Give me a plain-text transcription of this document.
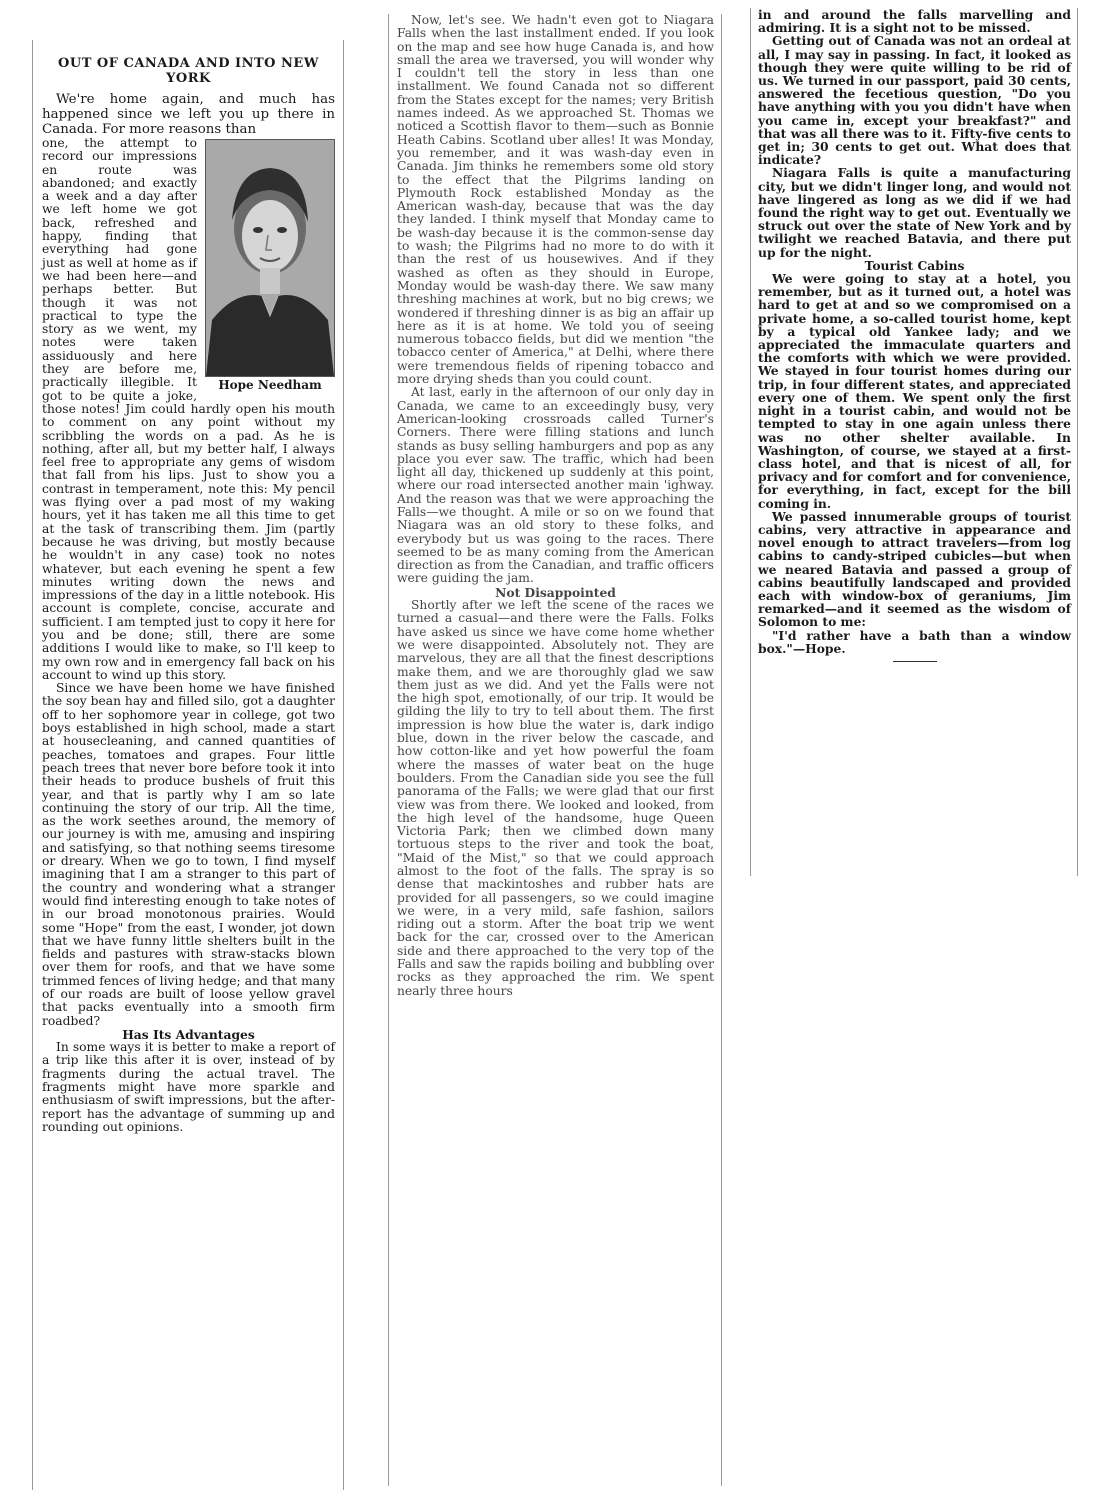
OUT OF CANADA AND INTO NEW YORK

We're home again, and much has happened since we left you up there in Canada. For more reasons than

Hope Needham

one, the attempt to record our impressions en route was abandoned; and exactly a week and a day after we left home we got back, refreshed and happy, finding that everything had gone just as well at home as if we had been here—and perhaps better. But though it was not practical to type the story as we went, my notes were taken assiduously and here they are before me, practically illegible. It got to be quite a joke, those notes! Jim could hardly open his mouth to comment on any point without my scribbling the words on a pad. As he is nothing, after all, but my better half, I always feel free to appropriate any gems of wisdom that fall from his lips. Just to show you a contrast in temperament, note this: My pencil was flying over a pad most of my waking hours, yet it has taken me all this time to get at the task of transcribing them. Jim (partly because he was driving, but mostly because he wouldn't in any case) took no notes whatever, but each evening he spent a few minutes writing down the news and impressions of the day in a little notebook. His account is complete, concise, accurate and sufficient. I am tempted just to copy it here for you and be done; still, there are some additions I would like to make, so I'll keep to my own row and in emergency fall back on his account to wind up this story.

Since we have been home we have finished the soy bean hay and filled silo, got a daughter off to her sophomore year in college, got two boys established in high school, made a start at housecleaning, and canned quantities of peaches, tomatoes and grapes. Four little peach trees that never bore before took it into their heads to produce bushels of fruit this year, and that is partly why I am so late continuing the story of our trip. All the time, as the work seethes around, the memory of our journey is with me, amusing and inspiring and satisfying, so that nothing seems tiresome or dreary. When we go to town, I find myself imagining that I am a stranger to this part of the country and wondering what a stranger would find interesting enough to take notes of in our broad monotonous prairies. Would some "Hope" from the east, I wonder, jot down that we have funny little shelters built in the fields and pastures with straw-stacks blown over them for roofs, and that we have some trimmed fences of living hedge; and that many of our roads are built of loose yellow gravel that packs eventually into a smooth firm roadbed?

Has Its Advantages

In some ways it is better to make a report of a trip like this after it is over, instead of by fragments during the actual travel. The fragments might have more sparkle and enthusiasm of swift impressions, but the after-report has the advantage of summing up and rounding out opinions.

Now, let's see. We hadn't even got to Niagara Falls when the last installment ended. If you look on the map and see how huge Canada is, and how small the area we traversed, you will wonder why I couldn't tell the story in less than one installment. We found Canada not so different from the States except for the names; very British names indeed. As we approached St. Thomas we noticed a Scottish flavor to them—such as Bonnie Heath Cabins. Scotland uber alles! It was Monday, you remember, and it was wash-day even in Canada. Jim thinks he remembers some old story to the effect that the Pilgrims landing on Plymouth Rock established Monday as the American wash-day, because that was the day they landed. I think myself that Monday came to be wash-day because it is the common-sense day to wash; the Pilgrims had no more to do with it than the rest of us housewives. And if they washed as often as they should in Europe, Monday would be wash-day there. We saw many threshing machines at work, but no big crews; we wondered if threshing dinner is as big an affair up here as it is at home. We told you of seeing numerous tobacco fields, but did we mention "the tobacco center of America," at Delhi, where there were tremendous fields of ripening tobacco and more drying sheds than you could count.

At last, early in the afternoon of our only day in Canada, we came to an exceedingly busy, very American-looking crossroads called Turner's Corners. There were filling stations and lunch stands as busy selling hamburgers and pop as any place you ever saw. The traffic, which had been light all day, thickened up suddenly at this point, where our road intersected another main 'ighway. And the reason was that we were approaching the Falls—we thought. A mile or so on we found that Niagara was an old story to these folks, and everybody but us was going to the races. There seemed to be as many coming from the American direction as from the Canadian, and traffic officers were guiding the jam.

Not Disappointed

Shortly after we left the scene of the races we turned a casual—and there were the Falls. Folks have asked us since we have come home whether we were disappointed. Absolutely not. They are marvelous, they are all that the finest descriptions make them, and we are thoroughly glad we saw them just as we did. And yet the Falls were not the high spot, emotionally, of our trip. It would be gilding the lily to try to tell about them. The first impression is how blue the water is, dark indigo blue, down in the river below the cascade, and how cotton-like and yet how powerful the foam where the masses of water beat on the huge boulders. From the Canadian side you see the full panorama of the Falls; we were glad that our first view was from there. We looked and looked, from the high level of the handsome, huge Queen Victoria Park; then we climbed down many tortuous steps to the river and took the boat, "Maid of the Mist," so that we could approach almost to the foot of the falls. The spray is so dense that mackintoshes and rubber hats are provided for all passengers, so we could imagine we were, in a very mild, safe fashion, sailors riding out a storm. After the boat trip we went back for the car, crossed over to the American side and there approached to the very top of the Falls and saw the rapids boiling and bubbling over rocks as they approached the rim. We spent nearly three hours

in and around the falls marvelling and admiring. It is a sight not to be missed.

Getting out of Canada was not an ordeal at all, I may say in passing. In fact, it looked as though they were quite willing to be rid of us. We turned in our passport, paid 30 cents, answered the fecetious question, "Do you have anything with you you didn't have when you came in, except your breakfast?" and that was all there was to it. Fifty-five cents to get in; 30 cents to get out. What does that indicate?

Niagara Falls is quite a manufacturing city, but we didn't linger long, and would not have lingered as long as we did if we had found the right way to get out. Eventually we struck out over the state of New York and by twilight we reached Batavia, and there put up for the night.

Tourist Cabins

We were going to stay at a hotel, you remember, but as it turned out, a hotel was hard to get at and so we compromised on a private home, a so-called tourist home, kept by a typical old Yankee lady; and we appreciated the immaculate quarters and the comforts with which we were provided. We stayed in four tourist homes during our trip, in four different states, and appreciated every one of them. We spent only the first night in a tourist cabin, and would not be tempted to stay in one again unless there was no other shelter available. In Washington, of course, we stayed at a first-class hotel, and that is nicest of all, for privacy and for comfort and for convenience, for everything, in fact, except for the bill coming in.

We passed innumerable groups of tourist cabins, very attractive in appearance and novel enough to attract travelers—from log cabins to candy-striped cubicles—but when we neared Batavia and passed a group of cabins beautifully landscaped and provided each with window-box of geraniums, Jim remarked—and it seemed as the wisdom of Solomon to me:

"I'd rather have a bath than a window box."—Hope.
